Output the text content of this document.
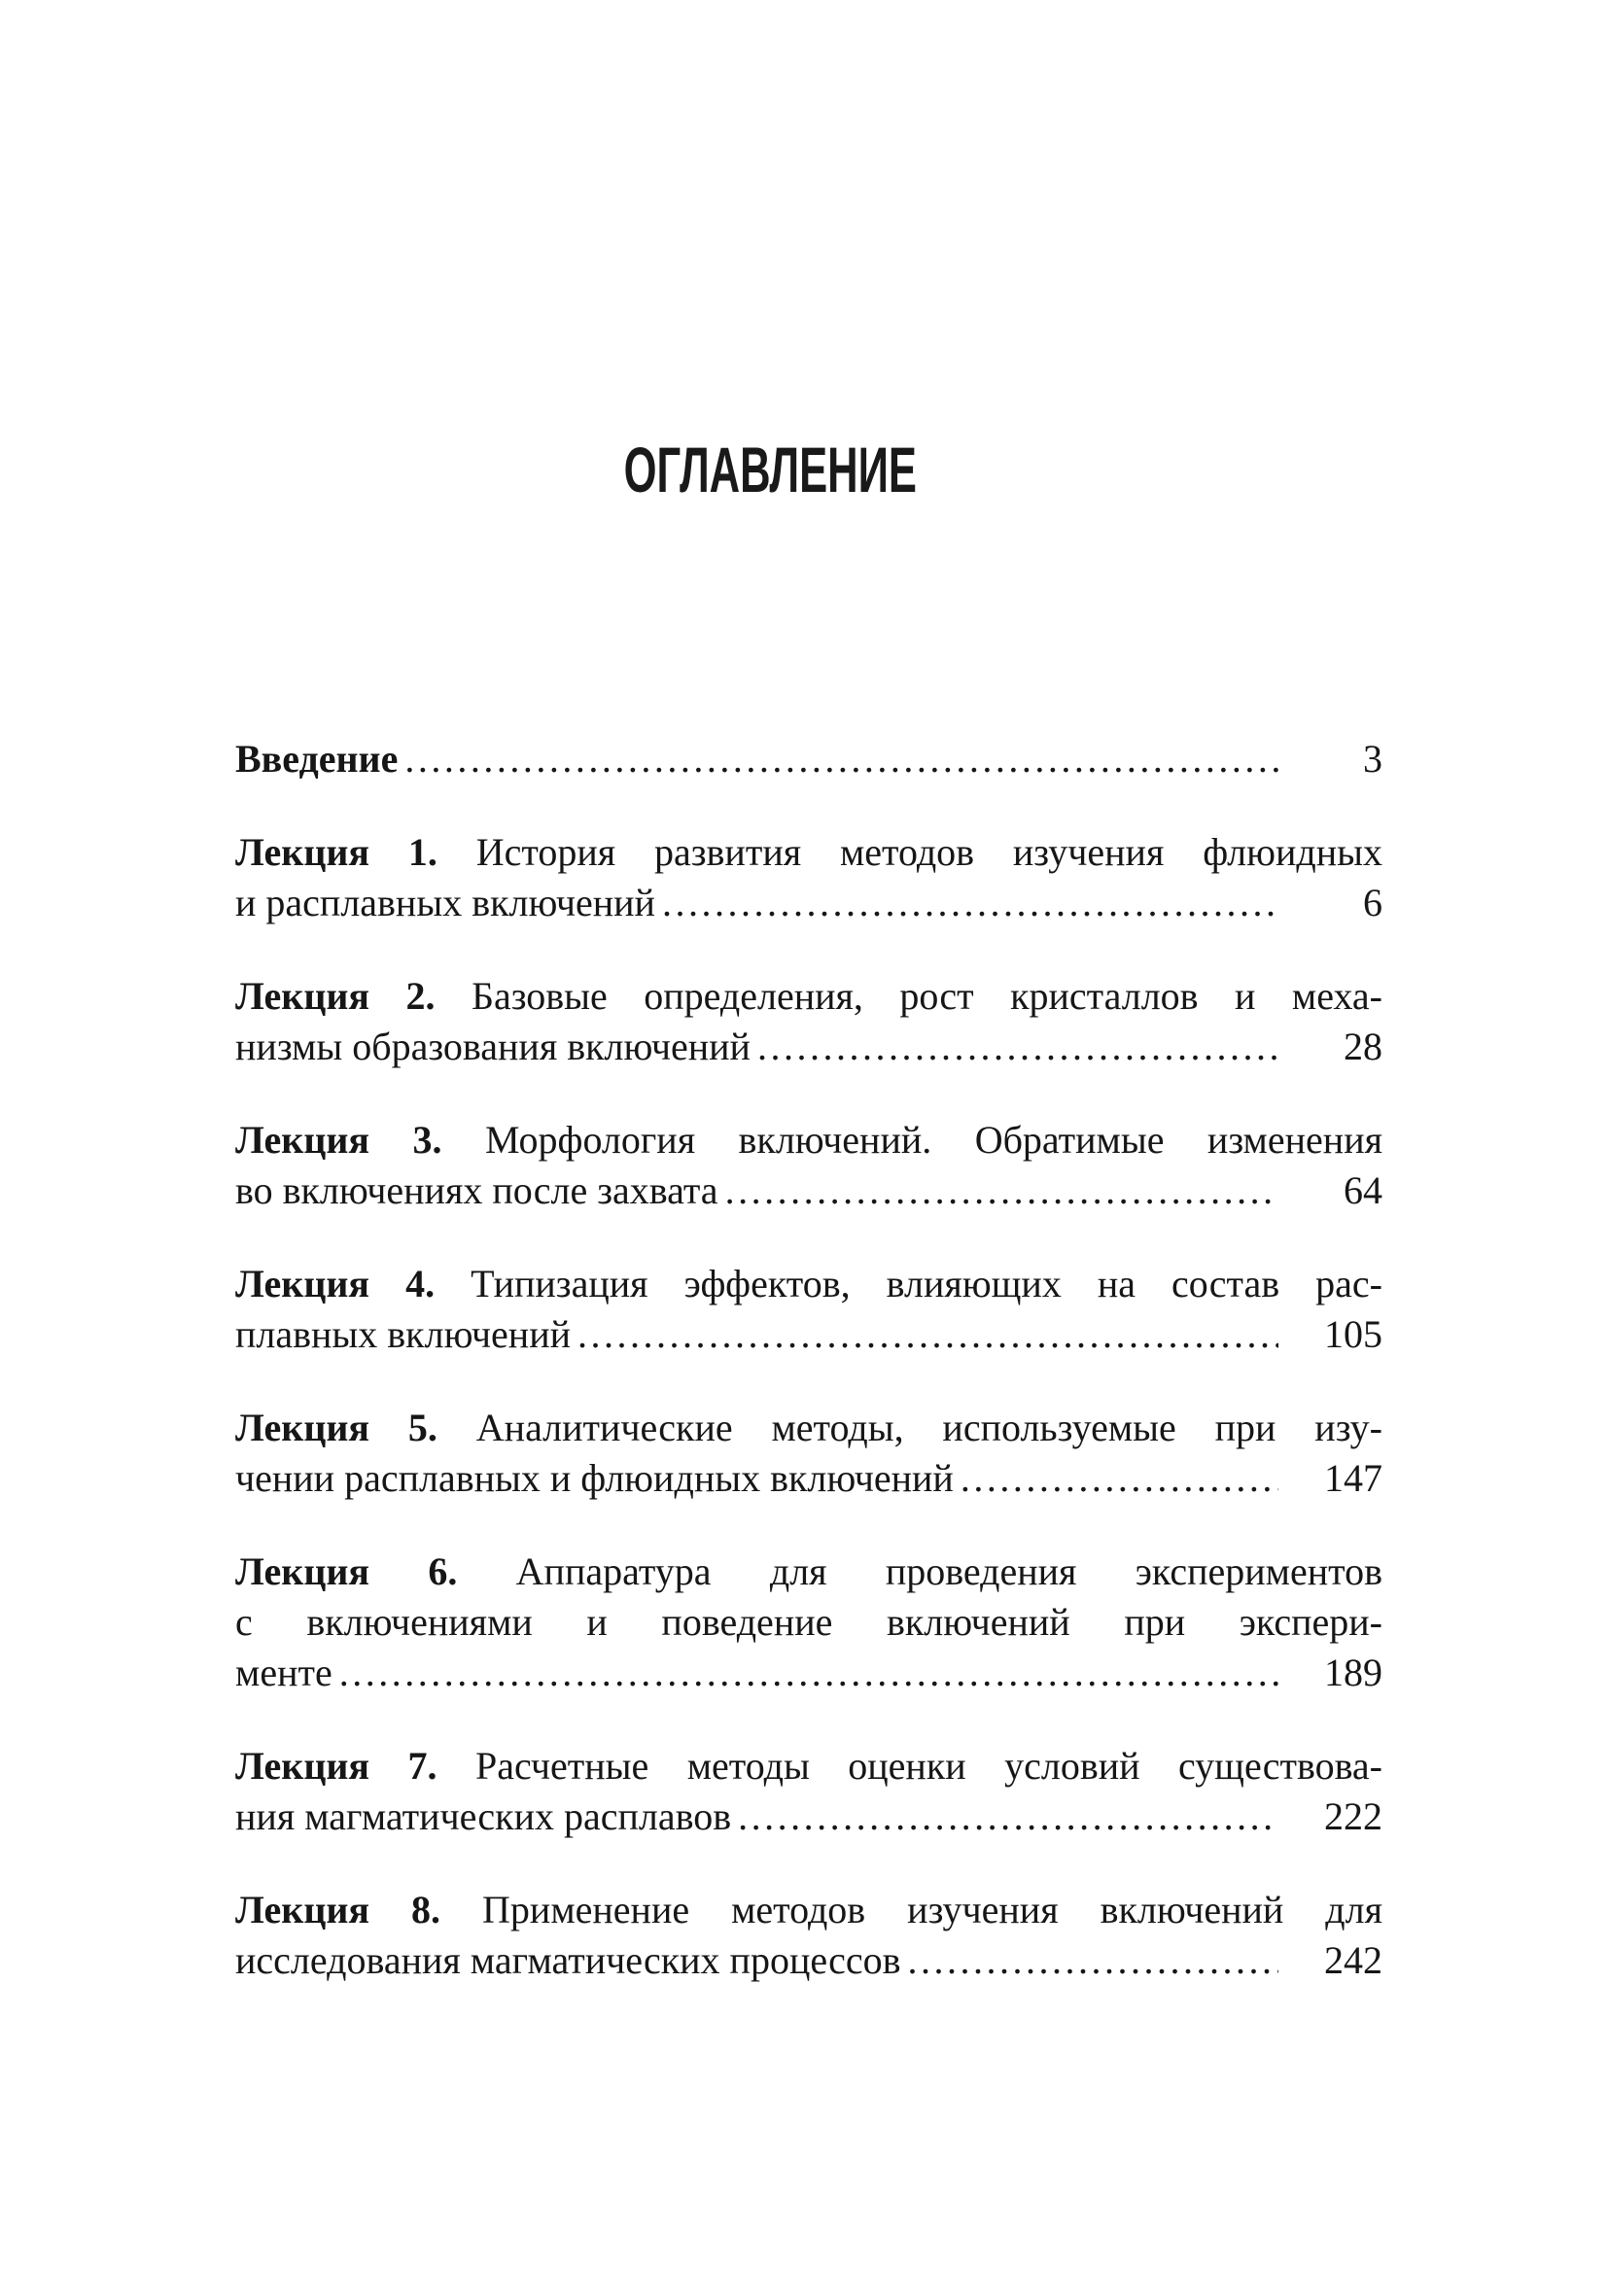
ОГЛАВЛЕНИЕ
Введение .....	3
Лекция 1. История развития методов изучения флюидных
и расплавных включений .....	6
Лекция 2. Базовые определения, рост кристаллов и меха-
низмы образования включений .....	28
Лекция 3. Морфология включений. Обратимые изменения
во включениях после захвата .....	64
Лекция 4. Типизация эффектов, влияющих на состав рас-
плавных включений .....	105
Лекция 5. Аналитические методы, используемые при изу-
чении расплавных и флюидных включений .....	147
Лекция 6. Аппаратура для проведения экспериментов
с включениями и поведение включений при экспери-
менте .....	189
Лекция 7. Расчетные методы оценки условий существова-
ния магматических расплавов .....	222
Лекция 8. Применение методов изучения включений для
исследования магматических процессов .....	242
